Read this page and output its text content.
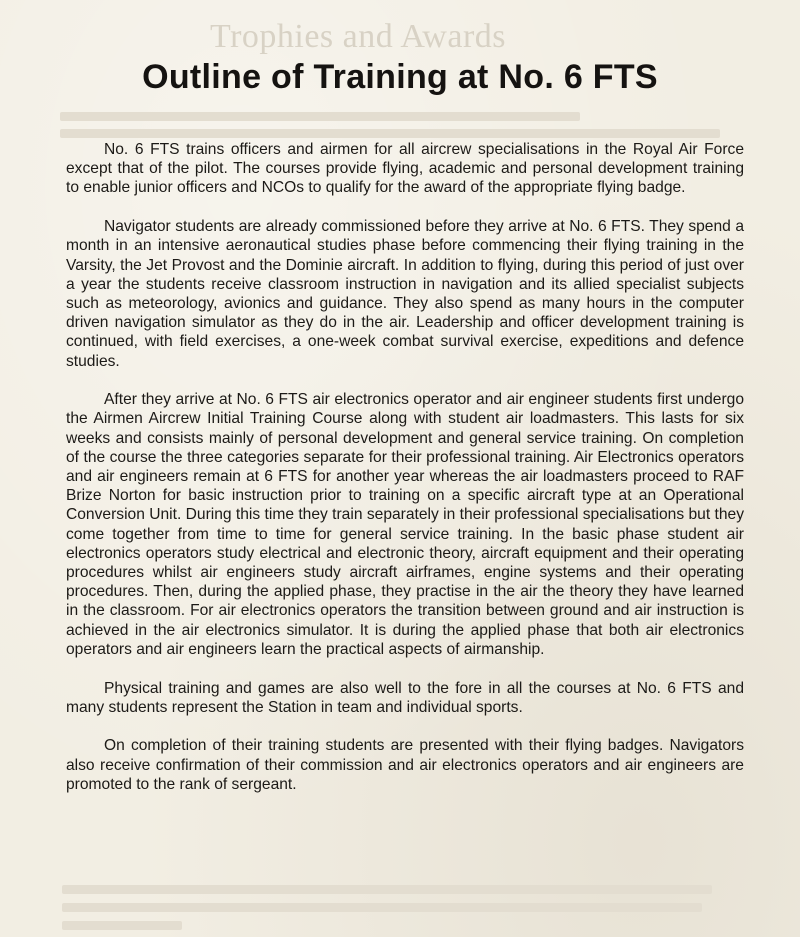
Trophies and Awards
Outline of Training at No. 6 FTS

No. 6 FTS trains officers and airmen for all aircrew specialisations in the Royal Air Force except that of the pilot. The courses provide flying, academic and personal development training to enable junior officers and NCOs to qualify for the award of the appropriate flying badge.

Navigator students are already commissioned before they arrive at No. 6 FTS. They spend a month in an intensive aeronautical studies phase before commencing their flying training in the Varsity, the Jet Provost and the Dominie aircraft. In addition to flying, during this period of just over a year the students receive classroom instruction in navigation and its allied specialist subjects such as meteorology, avionics and guidance. They also spend as many hours in the computer driven navigation simulator as they do in the air. Leadership and officer development training is continued, with field exercises, a one-week combat survival exercise, expeditions and defence studies.

After they arrive at No. 6 FTS air electronics operator and air engineer students first undergo the Airmen Aircrew Initial Training Course along with student air loadmasters. This lasts for six weeks and consists mainly of personal development and general service training. On completion of the course the three categories separate for their professional training. Air Electronics operators and air engineers remain at 6 FTS for another year whereas the air loadmasters proceed to RAF Brize Norton for basic instruction prior to training on a specific aircraft type at an Operational Conversion Unit. During this time they train separately in their professional specialisations but they come together from time to time for general service training. In the basic phase student air electronics operators study electrical and electronic theory, aircraft equipment and their operating procedures whilst air engineers study aircraft airframes, engine systems and their operating procedures. Then, during the applied phase, they practise in the air the theory they have learned in the classroom. For air electronics operators the transition between ground and air instruction is achieved in the air electronics simulator. It is during the applied phase that both air electronics operators and air engineers learn the practical aspects of airmanship.

Physical training and games are also well to the fore in all the courses at No. 6 FTS and many students represent the Station in team and individual sports.

On completion of their training students are presented with their flying badges. Navigators also receive confirmation of their commission and air electronics operators and air engineers are promoted to the rank of sergeant.
